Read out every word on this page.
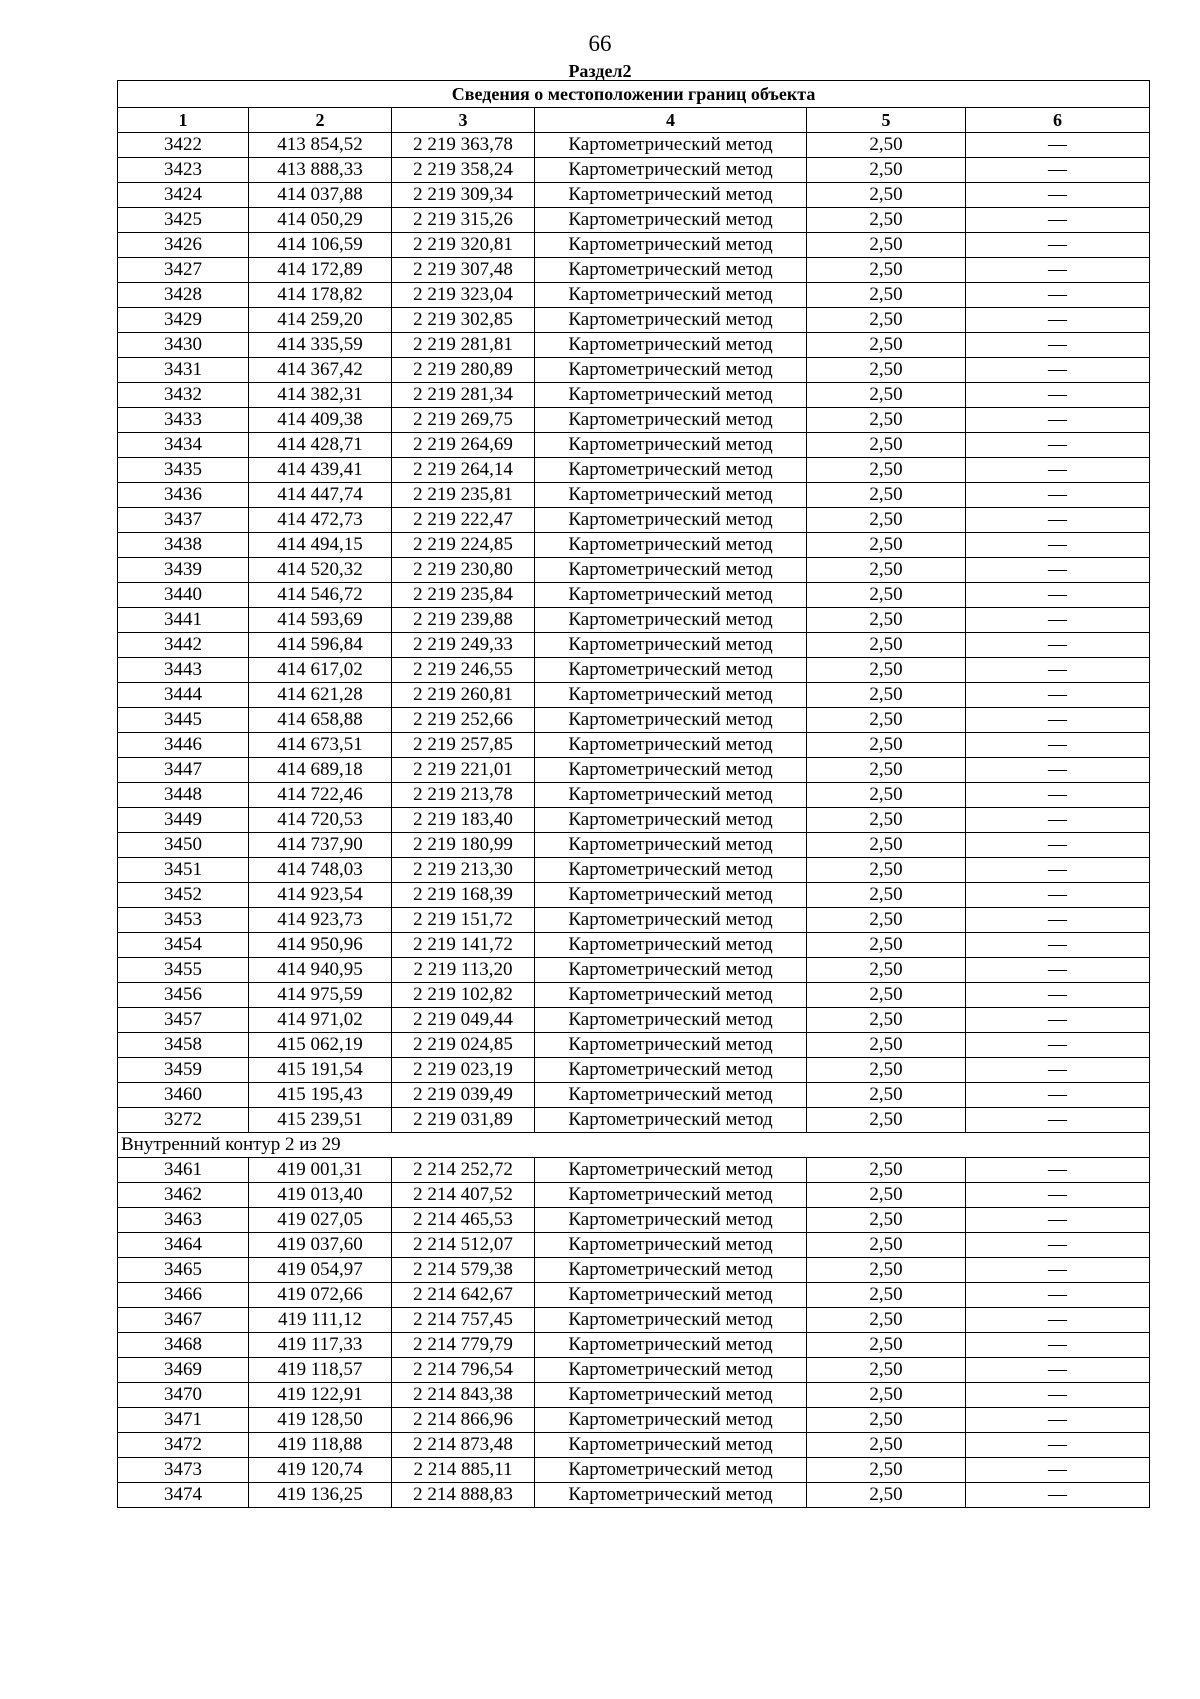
66
Раздел2
Сведения о местоположении границ объекта					
1	2	3	4	5	6
3422	413 854,52	2 219 363,78	Картометрический метод	2,50	—
3423	413 888,33	2 219 358,24	Картометрический метод	2,50	—
3424	414 037,88	2 219 309,34	Картометрический метод	2,50	—
3425	414 050,29	2 219 315,26	Картометрический метод	2,50	—
3426	414 106,59	2 219 320,81	Картометрический метод	2,50	—
3427	414 172,89	2 219 307,48	Картометрический метод	2,50	—
3428	414 178,82	2 219 323,04	Картометрический метод	2,50	—
3429	414 259,20	2 219 302,85	Картометрический метод	2,50	—
3430	414 335,59	2 219 281,81	Картометрический метод	2,50	—
3431	414 367,42	2 219 280,89	Картометрический метод	2,50	—
3432	414 382,31	2 219 281,34	Картометрический метод	2,50	—
3433	414 409,38	2 219 269,75	Картометрический метод	2,50	—
3434	414 428,71	2 219 264,69	Картометрический метод	2,50	—
3435	414 439,41	2 219 264,14	Картометрический метод	2,50	—
3436	414 447,74	2 219 235,81	Картометрический метод	2,50	—
3437	414 472,73	2 219 222,47	Картометрический метод	2,50	—
3438	414 494,15	2 219 224,85	Картометрический метод	2,50	—
3439	414 520,32	2 219 230,80	Картометрический метод	2,50	—
3440	414 546,72	2 219 235,84	Картометрический метод	2,50	—
3441	414 593,69	2 219 239,88	Картометрический метод	2,50	—
3442	414 596,84	2 219 249,33	Картометрический метод	2,50	—
3443	414 617,02	2 219 246,55	Картометрический метод	2,50	—
3444	414 621,28	2 219 260,81	Картометрический метод	2,50	—
3445	414 658,88	2 219 252,66	Картометрический метод	2,50	—
3446	414 673,51	2 219 257,85	Картометрический метод	2,50	—
3447	414 689,18	2 219 221,01	Картометрический метод	2,50	—
3448	414 722,46	2 219 213,78	Картометрический метод	2,50	—
3449	414 720,53	2 219 183,40	Картометрический метод	2,50	—
3450	414 737,90	2 219 180,99	Картометрический метод	2,50	—
3451	414 748,03	2 219 213,30	Картометрический метод	2,50	—
3452	414 923,54	2 219 168,39	Картометрический метод	2,50	—
3453	414 923,73	2 219 151,72	Картометрический метод	2,50	—
3454	414 950,96	2 219 141,72	Картометрический метод	2,50	—
3455	414 940,95	2 219 113,20	Картометрический метод	2,50	—
3456	414 975,59	2 219 102,82	Картометрический метод	2,50	—
3457	414 971,02	2 219 049,44	Картометрический метод	2,50	—
3458	415 062,19	2 219 024,85	Картометрический метод	2,50	—
3459	415 191,54	2 219 023,19	Картометрический метод	2,50	—
3460	415 195,43	2 219 039,49	Картометрический метод	2,50	—
3272	415 239,51	2 219 031,89	Картометрический метод	2,50	—
Внутренний контур 2 из 29					
3461	419 001,31	2 214 252,72	Картометрический метод	2,50	—
3462	419 013,40	2 214 407,52	Картометрический метод	2,50	—
3463	419 027,05	2 214 465,53	Картометрический метод	2,50	—
3464	419 037,60	2 214 512,07	Картометрический метод	2,50	—
3465	419 054,97	2 214 579,38	Картометрический метод	2,50	—
3466	419 072,66	2 214 642,67	Картометрический метод	2,50	—
3467	419 111,12	2 214 757,45	Картометрический метод	2,50	—
3468	419 117,33	2 214 779,79	Картометрический метод	2,50	—
3469	419 118,57	2 214 796,54	Картометрический метод	2,50	—
3470	419 122,91	2 214 843,38	Картометрический метод	2,50	—
3471	419 128,50	2 214 866,96	Картометрический метод	2,50	—
3472	419 118,88	2 214 873,48	Картометрический метод	2,50	—
3473	419 120,74	2 214 885,11	Картометрический метод	2,50	—
3474	419 136,25	2 214 888,83	Картометрический метод	2,50	—
